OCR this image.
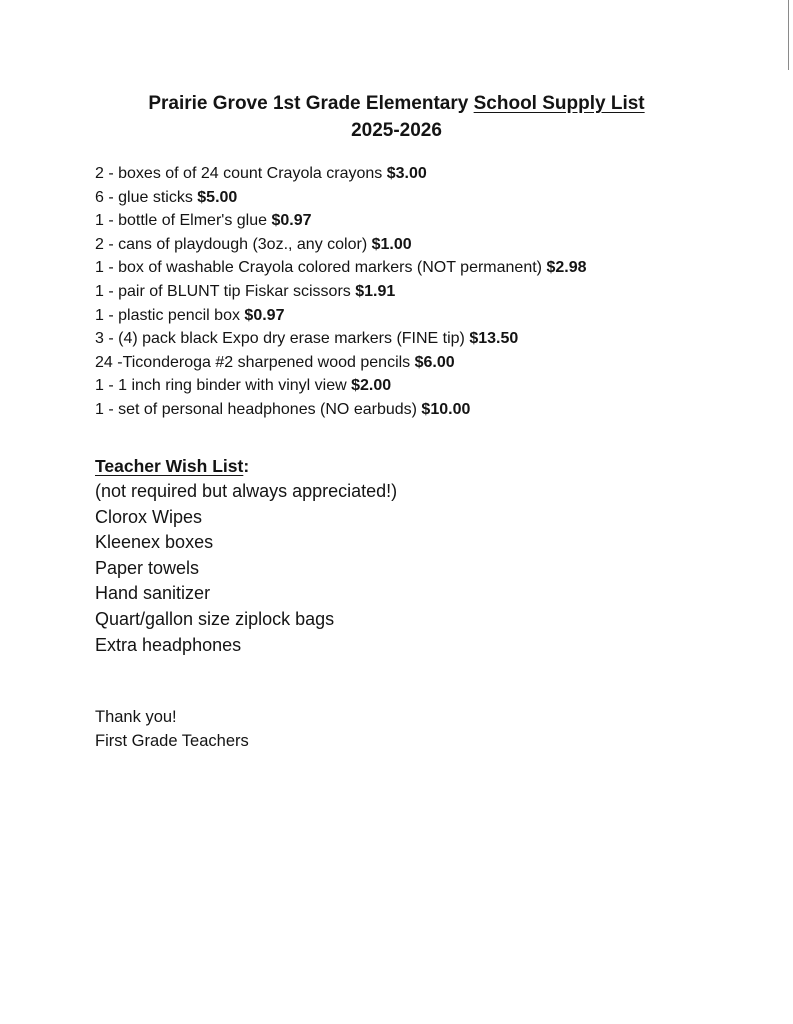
Prairie Grove 1st Grade Elementary School Supply List
2025-2026
2 - boxes of of 24 count Crayola crayons $3.00
6 - glue sticks $5.00
1 - bottle of Elmer's glue $0.97
2 - cans of playdough (3oz., any color) $1.00
1 - box of washable Crayola colored markers (NOT permanent) $2.98
1 - pair of BLUNT tip Fiskar scissors $1.91
1 - plastic pencil box $0.97
3 - (4) pack black Expo dry erase markers (FINE tip) $13.50
24 -Ticonderoga #2 sharpened wood pencils $6.00
1 - 1 inch ring binder with vinyl view $2.00
1 - set of personal headphones (NO earbuds) $10.00
Teacher Wish List:
(not required but always appreciated!)
Clorox Wipes
Kleenex boxes
Paper towels
Hand sanitizer
Quart/gallon size ziplock bags
Extra headphones
Thank you!
First Grade Teachers
